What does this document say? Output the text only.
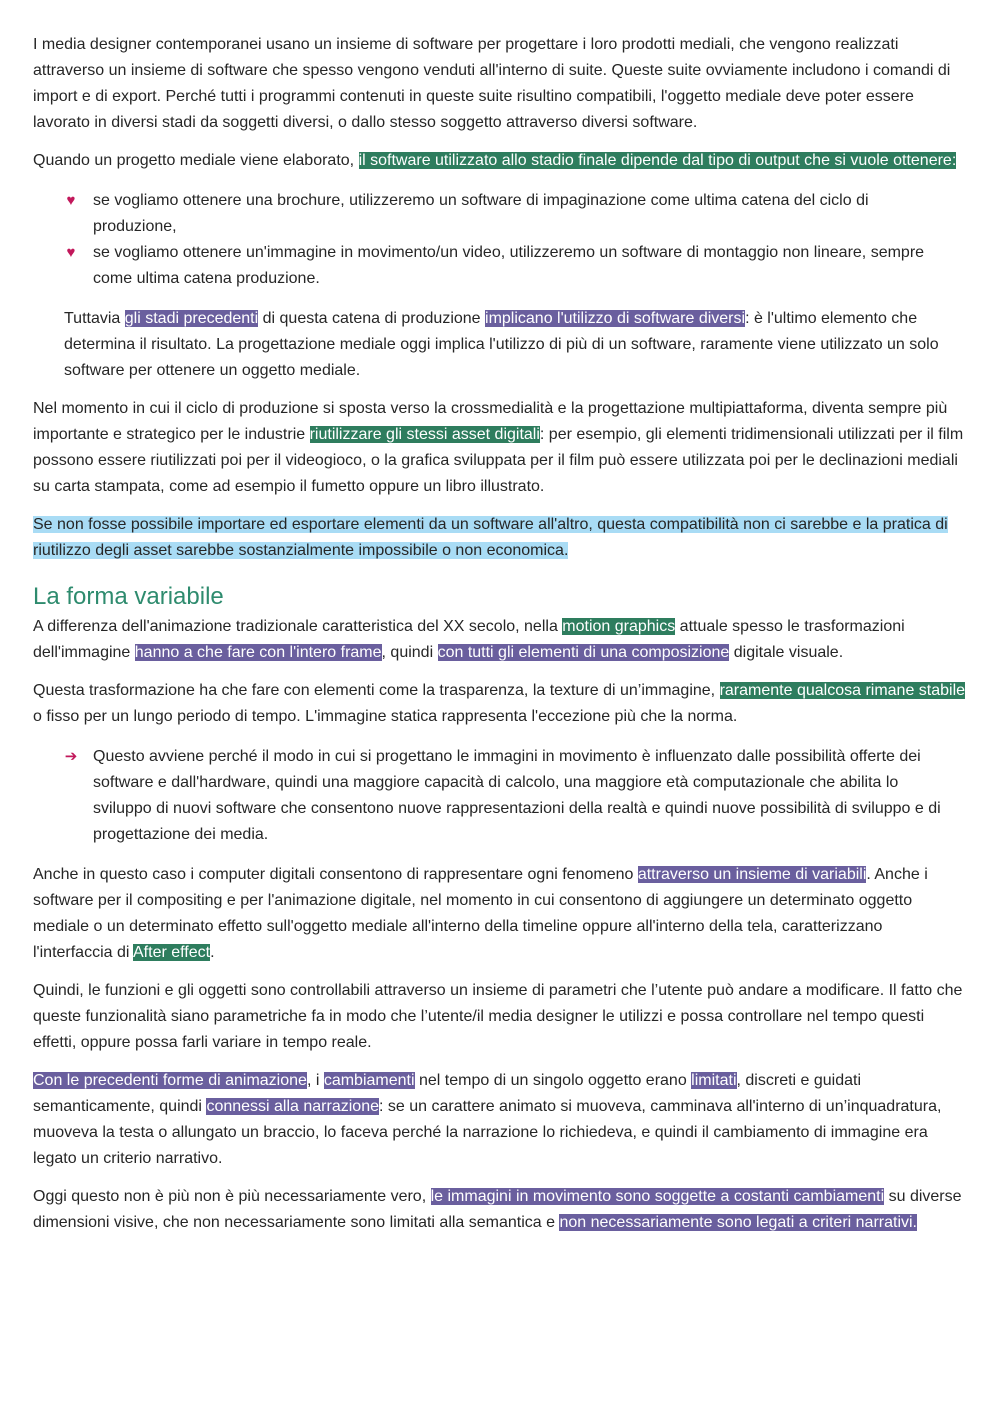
I media designer contemporanei usano un insieme di software per progettare i loro prodotti mediali, che vengono realizzati attraverso un insieme di software che spesso vengono venduti all'interno di suite. Queste suite ovviamente includono i comandi di import e di export. Perché tutti i programmi contenuti in queste suite risultino compatibili, l'oggetto mediale deve poter essere lavorato in diversi stadi da soggetti diversi, o dallo stesso soggetto attraverso diversi software.

Quando un progetto mediale viene elaborato, il software utilizzato allo stadio finale dipende dal tipo di output che si vuole ottenere:

♥ se vogliamo ottenere una brochure, utilizzeremo un software di impaginazione come ultima catena del ciclo di produzione,
♥ se vogliamo ottenere un'immagine in movimento/un video, utilizzeremo un software di montaggio non lineare, sempre come ultima catena produzione.

Tuttavia gli stadi precedenti di questa catena di produzione implicano l'utilizzo di software diversi: è l'ultimo elemento che determina il risultato. La progettazione mediale oggi implica l'utilizzo di più di un software, raramente viene utilizzato un solo software per ottenere un oggetto mediale.

Nel momento in cui il ciclo di produzione si sposta verso la crossmedialità e la progettazione multipiattaforma, diventa sempre più importante e strategico per le industrie riutilizzare gli stessi asset digitali: per esempio, gli elementi tridimensionali utilizzati per il film possono essere riutilizzati poi per il videogioco, o la grafica sviluppata per il film può essere utilizzata poi per le declinazioni mediali su carta stampata, come ad esempio il fumetto oppure un libro illustrato.

Se non fosse possibile importare ed esportare elementi da un software all'altro, questa compatibilità non ci sarebbe e la pratica di riutilizzo degli asset sarebbe sostanzialmente impossibile o non economica.

La forma variabile

A differenza dell'animazione tradizionale caratteristica del XX secolo, nella motion graphics attuale spesso le trasformazioni dell'immagine hanno a che fare con l'intero frame, quindi con tutti gli elementi di una composizione digitale visuale.

Questa trasformazione ha che fare con elementi come la trasparenza, la texture di un’immagine, raramente qualcosa rimane stabile o fisso per un lungo periodo di tempo. L'immagine statica rappresenta l'eccezione più che la norma.

➔ Questo avviene perché il modo in cui si progettano le immagini in movimento è influenzato dalle possibilità offerte dei software e dall'hardware, quindi una maggiore capacità di calcolo, una maggiore età computazionale che abilita lo sviluppo di nuovi software che consentono nuove rappresentazioni della realtà e quindi nuove possibilità di sviluppo e di progettazione dei media.

Anche in questo caso i computer digitali consentono di rappresentare ogni fenomeno attraverso un insieme di variabili. Anche i software per il compositing e per l'animazione digitale, nel momento in cui consentono di aggiungere un determinato oggetto mediale o un determinato effetto sull'oggetto mediale all'interno della timeline oppure all'interno della tela, caratterizzano l'interfaccia di After effect.

Quindi, le funzioni e gli oggetti sono controllabili attraverso un insieme di parametri che l’utente può andare a modificare. Il fatto che queste funzionalità siano parametriche fa in modo che l’utente/il media designer le utilizzi e possa controllare nel tempo questi effetti, oppure possa farli variare in tempo reale.

Con le precedenti forme di animazione, i cambiamenti nel tempo di un singolo oggetto erano limitati, discreti e guidati semanticamente, quindi connessi alla narrazione: se un carattere animato si muoveva, camminava all'interno di un’inquadratura, muoveva la testa o allungato un braccio, lo faceva perché la narrazione lo richiedeva, e quindi il cambiamento di immagine era legato un criterio narrativo.

Oggi questo non è più non è più necessariamente vero, le immagini in movimento sono soggette a costanti cambiamenti su diverse dimensioni visive, che non necessariamente sono limitati alla semantica e non necessariamente sono legati a criteri narrativi.
